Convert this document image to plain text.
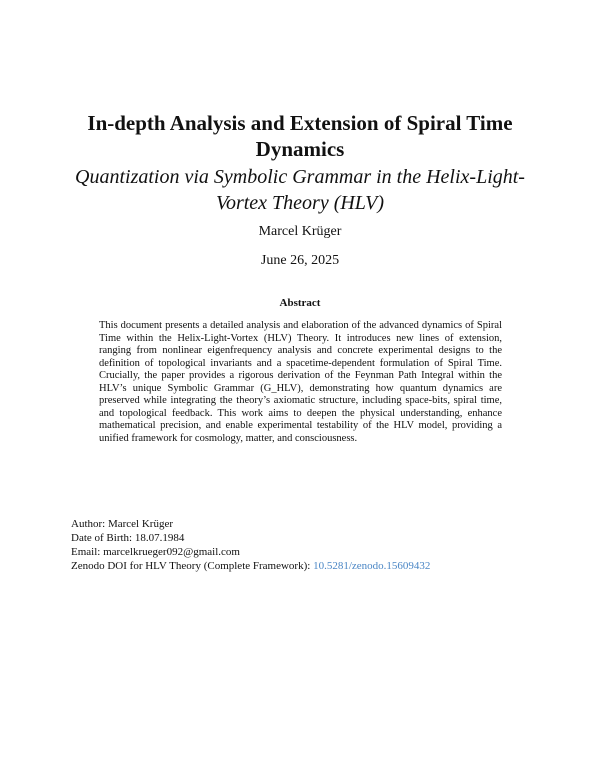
In-depth Analysis and Extension of Spiral Time Dynamics
Quantization via Symbolic Grammar in the Helix-Light-Vortex Theory (HLV)
Marcel Krüger
June 26, 2025
Abstract
This document presents a detailed analysis and elaboration of the advanced dynamics of Spiral Time within the Helix-Light-Vortex (HLV) Theory. It introduces new lines of extension, ranging from nonlinear eigenfrequency analysis and concrete experimental designs to the definition of topological invariants and a spacetime-dependent formulation of Spiral Time. Crucially, the paper provides a rigorous derivation of the Feynman Path Integral within the HLV’s unique Symbolic Grammar (G_HLV), demonstrating how quantum dynamics are preserved while integrating the theory’s axiomatic structure, including space-bits, spiral time, and topological feedback. This work aims to deepen the physical understanding, enhance mathematical precision, and enable experimental testability of the HLV model, providing a unified framework for cosmology, matter, and consciousness.
Author: Marcel Krüger
Date of Birth: 18.07.1984
Email: marcelkrueger092@gmail.com
Zenodo DOI for HLV Theory (Complete Framework): 10.5281/zenodo.15609432
